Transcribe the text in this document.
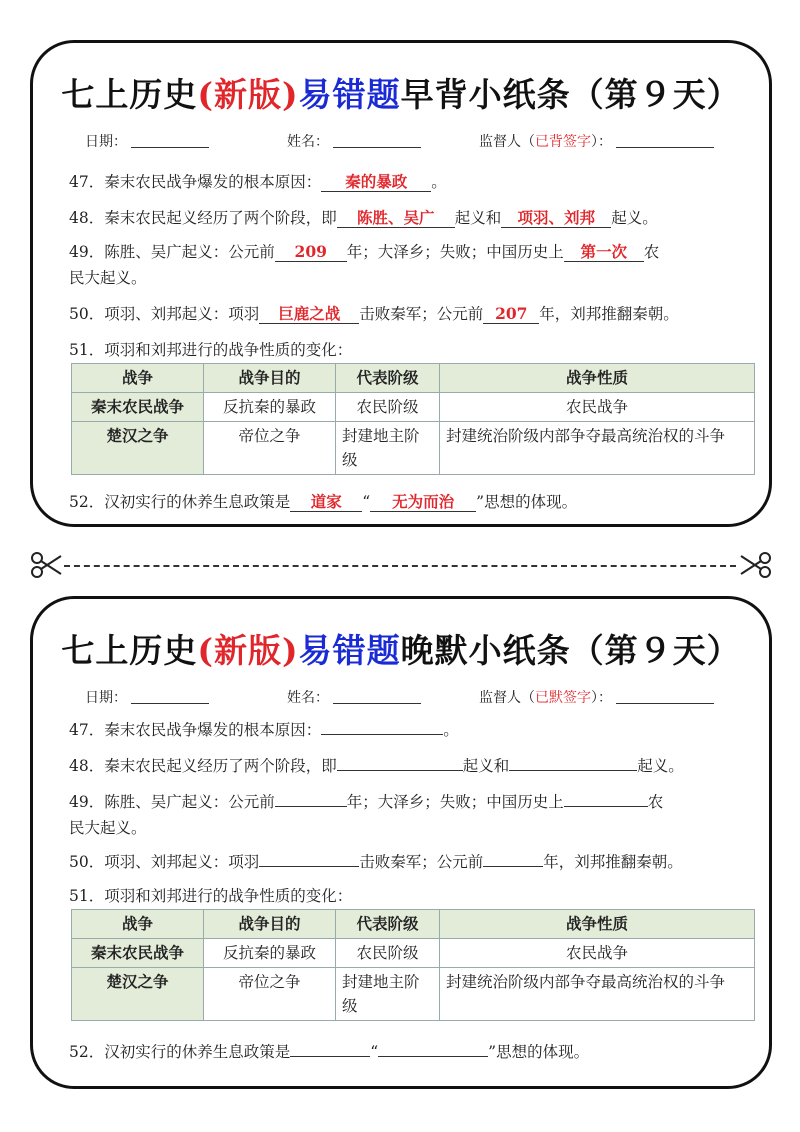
七上历史(新版)易错题早背小纸条（第９天）
日期：	姓名：	监督人（已背签字）：
47．秦末农民战争爆发的根本原因： 秦的暴政 。
48．秦末农民起义经历了两个阶段，即 陈胜、吴广 起义和 项羽、刘邦 起义。
49．陈胜、吴广起义：公元前 209 年；大泽乡；失败；中国历史上 第一次 农
民大起义。
50．项羽、刘邦起义：项羽 巨鹿之战 击败秦军；公元前 207 年，刘邦推翻秦朝。
51．项羽和刘邦进行的战争性质的变化：
战争	战争目的	代表阶级	战争性质
秦末农民战争	反抗秦的暴政	农民阶级	农民战争
楚汉之争	帝位之争	封建地主阶级	封建统治阶级内部争夺最高统治权的斗争
52．汉初实行的休养生息政策是 道家 “ 无为而治 ”思想的体现。
七上历史(新版)易错题晚默小纸条（第９天）
日期：	姓名：	监督人（已默签字）：
47．秦末农民战争爆发的根本原因：	。
48．秦末农民起义经历了两个阶段，即	起义和	起义。
49．陈胜、吴广起义：公元前	年；大泽乡；失败；中国历史上	农
民大起义。
50．项羽、刘邦起义：项羽	击败秦军；公元前	年，刘邦推翻秦朝。
51．项羽和刘邦进行的战争性质的变化：
战争	战争目的	代表阶级	战争性质
秦末农民战争	反抗秦的暴政	农民阶级	农民战争
楚汉之争	帝位之争	封建地主阶级	封建统治阶级内部争夺最高统治权的斗争
52．汉初实行的休养生息政策是	“	”思想的体现。
